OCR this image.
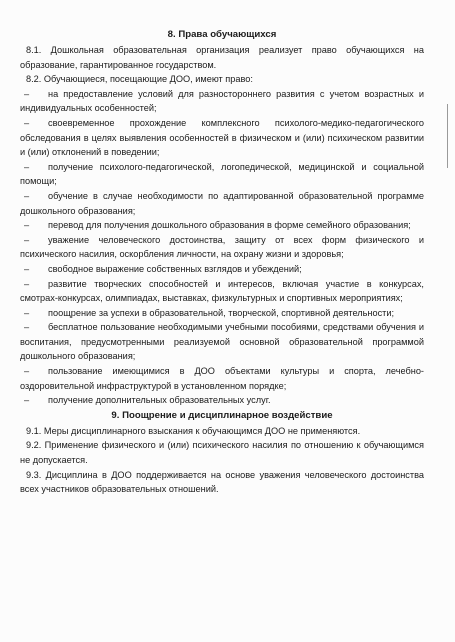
8. Права обучающихся

8.1. Дошкольная образовательная организация реализует право обучающихся на образование, гарантированное государством.

8.2. Обучающиеся, посещающие ДОО, имеют право:

– на предоставление условий для разностороннего развития с учетом возрастных и индивидуальных особенностей;

– своевременное прохождение комплексного психолого-медико-педагогического обследования в целях выявления особенностей в физическом и (или) психическом развитии и (или) отклонений в поведении;

– получение психолого-педагогической, логопедической, медицинской и социальной помощи;

– обучение в случае необходимости по адаптированной образовательной программе дошкольного образования;

– перевод для получения дошкольного образования в форме семейного образования;

– уважение человеческого достоинства, защиту от всех форм физического и психического насилия, оскорбления личности, на охрану жизни и здоровья;

– свободное выражение собственных взглядов и убеждений;

– развитие творческих способностей и интересов, включая участие в конкурсах, смотрах-конкурсах, олимпиадах, выставках, физкультурных и спортивных мероприятиях;

– поощрение за успехи в образовательной, творческой, спортивной деятельности;

– бесплатное пользование необходимыми учебными пособиями, средствами обучения и воспитания, предусмотренными реализуемой основной образовательной программой дошкольного образования;

– пользование имеющимися в ДОО объектами культуры и спорта, лечебно-оздоровительной инфраструктурой в установленном порядке;

– получение дополнительных образовательных услуг.

9. Поощрение и дисциплинарное воздействие

9.1. Меры дисциплинарного взыскания к обучающимся ДОО не применяются.

9.2. Применение физического и (или) психического насилия по отношению к обучающимся не допускается.

9.3. Дисциплина в ДОО поддерживается на основе уважения человеческого достоинства всех участников образовательных отношений.
